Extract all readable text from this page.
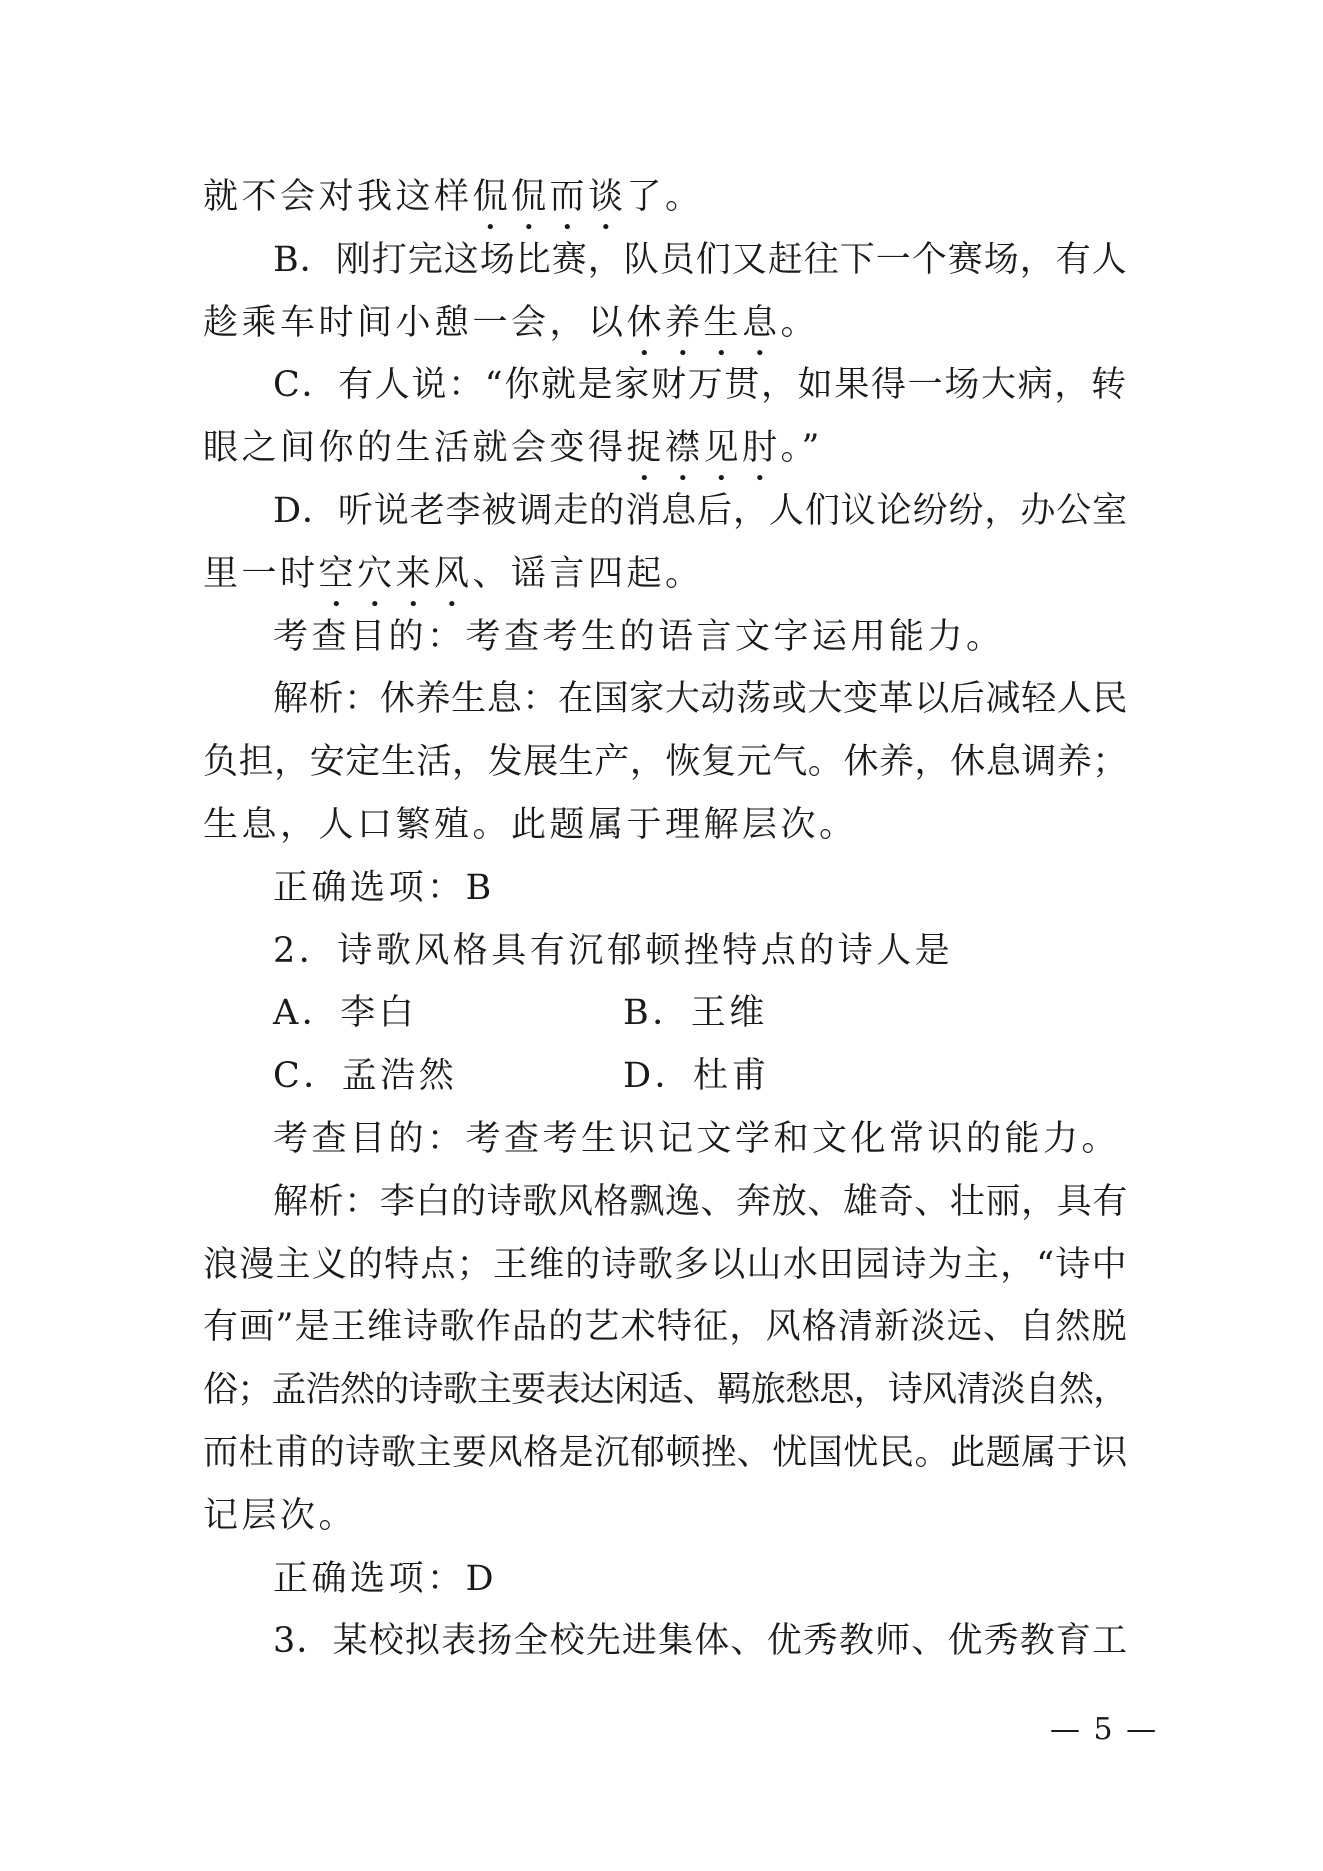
就不会对我这样侃侃而谈了。
B．刚打完这场比赛，队员们又赶往下一个赛场，有人
趁乘车时间小憩一会，以休养生息。
C．有人说：“你就是家财万贯，如果得一场大病，转
眼之间你的生活就会变得捉襟见肘。”
D．听说老李被调走的消息后，人们议论纷纷，办公室
里一时空穴来风、谣言四起。
考查目的：考查考生的语言文字运用能力。
解析：休养生息：在国家大动荡或大变革以后减轻人民
负担，安定生活，发展生产，恢复元气。休养，休息调养；
生息，人口繁殖。此题属于理解层次。
正确选项：B
2．诗歌风格具有沉郁顿挫特点的诗人是
A．李白	B．王维
C．孟浩然	D．杜甫
考查目的：考查考生识记文学和文化常识的能力。
解析：李白的诗歌风格飘逸、奔放、雄奇、壮丽，具有
浪漫主义的特点；王维的诗歌多以山水田园诗为主，“诗中
有画”是王维诗歌作品的艺术特征，风格清新淡远、自然脱
俗；孟浩然的诗歌主要表达闲适、羁旅愁思，诗风清淡自然，
而杜甫的诗歌主要风格是沉郁顿挫、忧国忧民。此题属于识
记层次。
正确选项：D
3．某校拟表扬全校先进集体、优秀教师、优秀教育工
— 5 —
